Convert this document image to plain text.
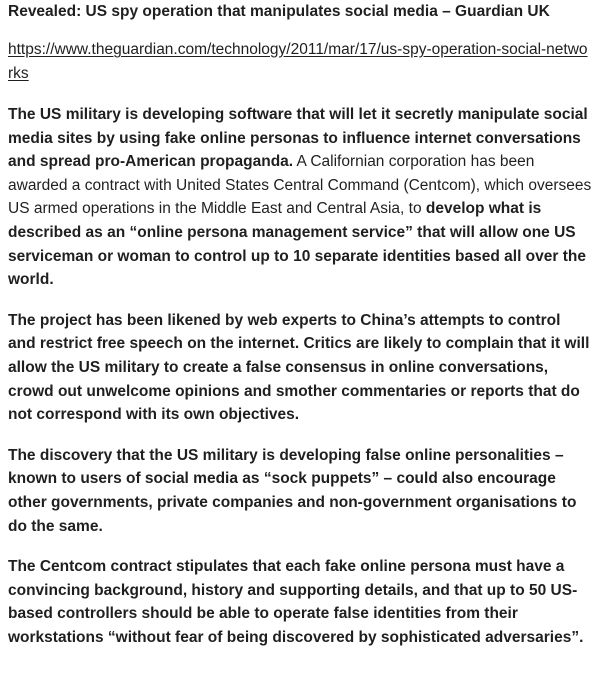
Revealed: US spy operation that manipulates social media – Guardian UK
https://www.theguardian.com/technology/2011/mar/17/us-spy-operation-social-networks

The US military is developing software that will let it secretly manipulate social media sites by using fake online personas to influence internet conversations and spread pro-American propaganda. A Californian corporation has been awarded a contract with United States Central Command (Centcom), which oversees US armed operations in the Middle East and Central Asia, to develop what is described as an “online persona management service” that will allow one US serviceman or woman to control up to 10 separate identities based all over the world.

The project has been likened by web experts to China’s attempts to control and restrict free speech on the internet. Critics are likely to complain that it will allow the US military to create a false consensus in online conversations, crowd out unwelcome opinions and smother commentaries or reports that do not correspond with its own objectives.

The discovery that the US military is developing false online personalities – known to users of social media as “sock puppets” – could also encourage other governments, private companies and non-government organisations to do the same.

The Centcom contract stipulates that each fake online persona must have a convincing background, history and supporting details, and that up to 50 US-based controllers should be able to operate false identities from their workstations “without fear of being discovered by sophisticated adversaries”.
